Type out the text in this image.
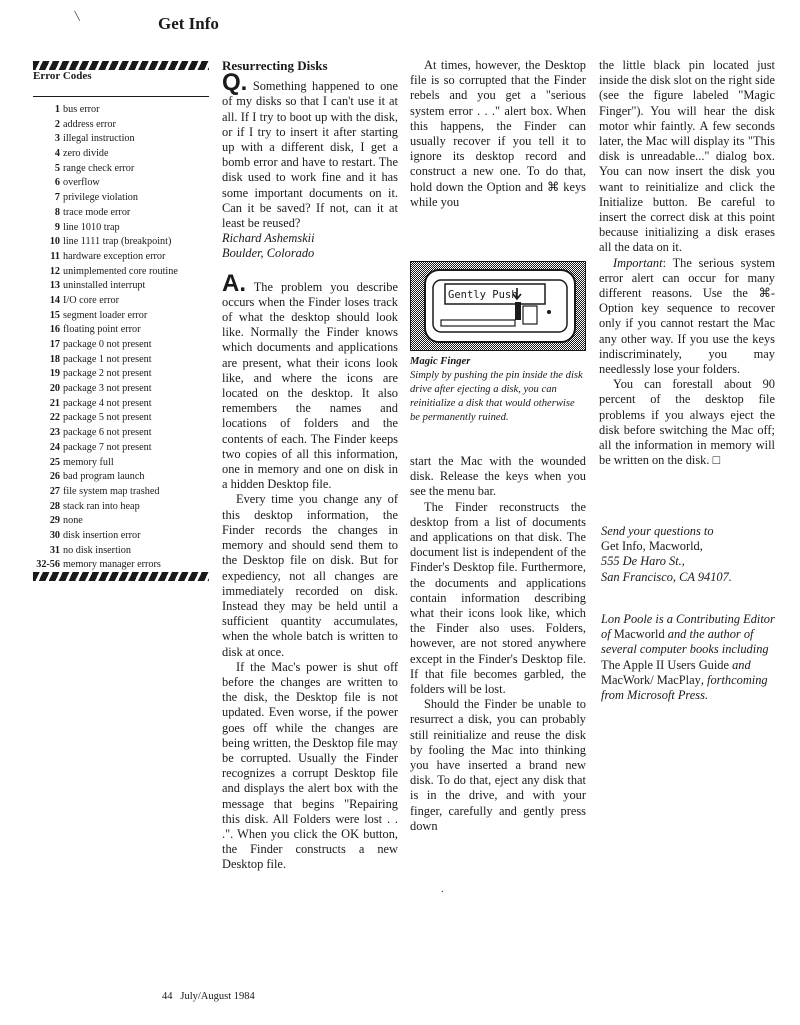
\	Get Info

Error Codes

1 bus error
2 address error
3 illegal instruction
4 zero divide
5 range check error
6 overflow
7 privilege violation
8 trace mode error
9 line 1010 trap
10 line 1111 trap (breakpoint)
11 hardware exception error
12 unimplemented core routine
13 uninstalled interrupt
14 I/O core error
15 segment loader error
16 floating point error
17 package 0 not present
18 package 1 not present
19 package 2 not present
20 package 3 not present
21 package 4 not present
22 package 5 not present
23 package 6 not present
24 package 7 not present
25 memory full
26 bad program launch
27 file system map trashed
28 stack ran into heap
29 none
30 disk insertion error
31 no disk insertion
32-56 memory manager errors

Resurrecting Disks

Q. Something happened to one of my disks so that I can't use it at all. If I try to boot up with the disk, or if I try to insert it after starting up with a different disk, I get a bomb error and have to restart. The disk used to work fine and it has some important documents on it. Can it be saved? If not, can it at least be reused?

Richard Ashemskii

Boulder, Colorado

A. The problem you describe occurs when the Finder loses track of what the desktop should look like. Normally the Finder knows which documents and applications are present, what their icons look like, and where the icons are located on the desktop. It also remembers the names and locations of folders and the contents of each. The Finder keeps two copies of all this information, one in memory and one on disk in a hidden Desktop file.

Every time you change any of this desktop information, the Finder records the changes in memory and should send them to the Desktop file on disk. But for expediency, not all changes are immediately recorded on disk. Instead they may be held until a sufficient quantity accumulates, when the whole batch is written to disk at once.

If the Mac's power is shut off before the changes are written to the disk, the Desktop file is not updated. Even worse, if the power goes off while the changes are being written, the Desktop file may be corrupted. Usually the Finder recognizes a corrupt Desktop file and displays the alert box with the message that begins "Repairing this disk. All Folders were lost . . .". When you click the OK button, the Finder constructs a new Desktop file.

At times, however, the Desktop file is so corrupted that the Finder rebels and you get a "serious system error . . ." alert box. When this happens, the Finder can usually recover if you tell it to ignore its desktop record and construct a new one. To do that, hold down the Option and ⌘ keys while you

Gently Push
Magic Finger
Simply by pushing the pin inside the disk drive after ejecting a disk, you can reinitialize a disk that would otherwise be permanently ruined.

start the Mac with the wounded disk. Release the keys when you see the menu bar.

The Finder reconstructs the desktop from a list of documents and applications on that disk. The document list is independent of the Finder's Desktop file. Furthermore, the documents and applications contain information describing what their icons look like, which the Finder also uses. Folders, however, are not stored anywhere except in the Finder's Desktop file. If that file becomes garbled, the folders will be lost.

Should the Finder be unable to resurrect a disk, you can probably still reinitialize and reuse the disk by fooling the Mac into thinking you have inserted a brand new disk. To do that, eject any disk that is in the drive, and with your finger, carefully and gently press down

the little black pin located just inside the disk slot on the right side (see the figure labeled "Magic Finger"). You will hear the disk motor whir faintly. A few seconds later, the Mac will display its "This disk is unreadable..." dialog box. You can now insert the disk you want to reinitialize and click the Initialize button. Be careful to insert the correct disk at this point because initializing a disk erases all the data on it.

Important: The serious system error alert can occur for many different reasons. Use the ⌘-Option key sequence to recover only if you cannot restart the Mac any other way. If you use the keys indiscriminately, you may needlessly lose your folders.

You can forestall about 90 percent of the desktop file problems if you always eject the disk before switching the Mac off; all the information in memory will be written on the disk. □

Send your questions to
Get Info, Macworld,
555 De Haro St.,
San Francisco, CA 94107.
Lon Poole is a Contributing Editor of Macworld and the author of several computer books including The Apple II Users Guide and MacWork/ MacPlay, forthcoming from Microsoft Press.
.
44 July/August 1984
